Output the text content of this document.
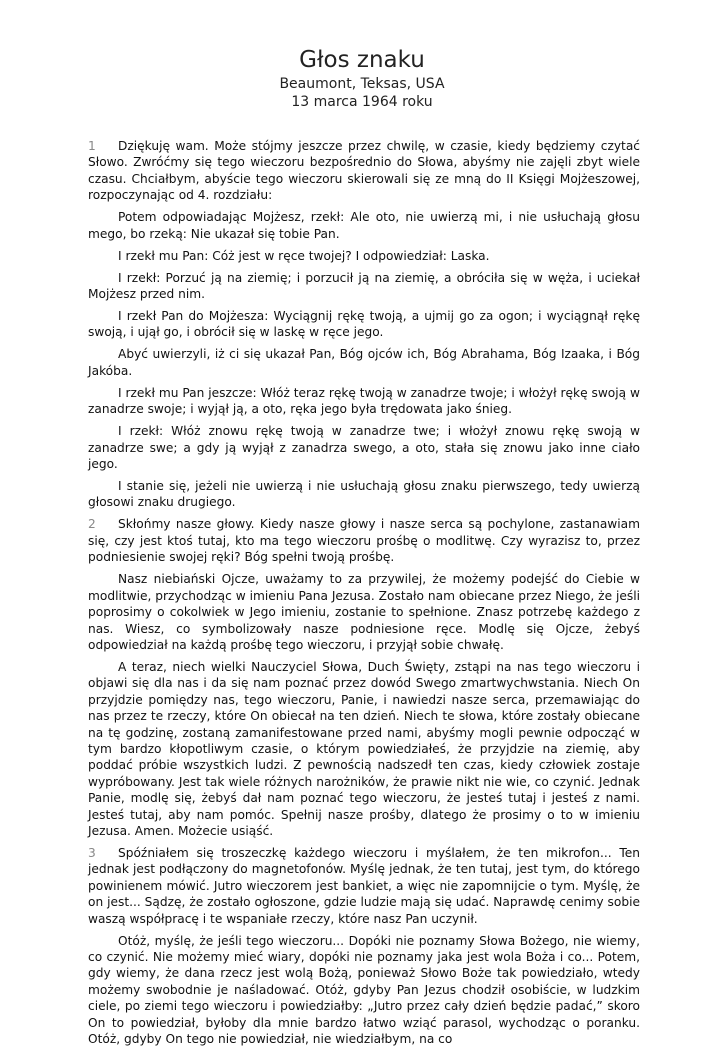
Głos znaku
Beaumont, Teksas, USA
13 marca 1964 roku

1 Dziękuję wam. Może stójmy jeszcze przez chwilę, w czasie, kiedy będziemy czytać Słowo. Zwróćmy się tego wieczoru bezpośrednio do Słowa, abyśmy nie zajęli zbyt wiele czasu. Chciałbym, abyście tego wieczoru skierowali się ze mną do II Księgi Mojżeszowej, rozpoczynając od 4. rozdziału:

Potem odpowiadając Mojżesz, rzekł: Ale oto, nie uwierzą mi, i nie usłuchają głosu mego, bo rzeką: Nie ukazał się tobie Pan.

I rzekł mu Pan: Cóż jest w ręce twojej? I odpowiedział: Laska.

I rzekł: Porzuć ją na ziemię; i porzucił ją na ziemię, a obróciła się w węża, i uciekał Mojżesz przed nim.

I rzekł Pan do Mojżesza: Wyciągnij rękę twoją, a ujmij go za ogon; i wyciągnął rękę swoją, i ujął go, i obrócił się w laskę w ręce jego.

Abyć uwierzyli, iż ci się ukazał Pan, Bóg ojców ich, Bóg Abrahama, Bóg Izaaka, i Bóg Jakóba.

I rzekł mu Pan jeszcze: Włóż teraz rękę twoją w zanadrze twoje; i włożył rękę swoją w zanadrze swoje; i wyjął ją, a oto, ręka jego była trędowata jako śnieg.

I rzekł: Włóż znowu rękę twoją w zanadrze twe; i włożył znowu rękę swoją w zanadrze swe; a gdy ją wyjął z zanadrza swego, a oto, stała się znowu jako inne ciało jego.

I stanie się, jeżeli nie uwierzą i nie usłuchają głosu znaku pierwszego, tedy uwierzą głosowi znaku drugiego.

2 Skłońmy nasze głowy. Kiedy nasze głowy i nasze serca są pochylone, zastanawiam się, czy jest ktoś tutaj, kto ma tego wieczoru prośbę o modlitwę. Czy wyrazisz to, przez podniesienie swojej ręki? Bóg spełni twoją prośbę.

Nasz niebiański Ojcze, uważamy to za przywilej, że możemy podejść do Ciebie w modlitwie, przychodząc w imieniu Pana Jezusa. Zostało nam obiecane przez Niego, że jeśli poprosimy o cokolwiek w Jego imieniu, zostanie to spełnione. Znasz potrzebę każdego z nas. Wiesz, co symbolizowały nasze podniesione ręce. Modlę się Ojcze, żebyś odpowiedział na każdą prośbę tego wieczoru, i przyjął sobie chwałę.

A teraz, niech wielki Nauczyciel Słowa, Duch Święty, zstąpi na nas tego wieczoru i objawi się dla nas i da się nam poznać przez dowód Swego zmartwychwstania. Niech On przyjdzie pomiędzy nas, tego wieczoru, Panie, i nawiedzi nasze serca, przemawiając do nas przez te rzeczy, które On obiecał na ten dzień. Niech te słowa, które zostały obiecane na tę godzinę, zostaną zamanifestowane przed nami, abyśmy mogli pewnie odpocząć w tym bardzo kłopotliwym czasie, o którym powiedziałeś, że przyjdzie na ziemię, aby poddać próbie wszystkich ludzi. Z pewnością nadszedł ten czas, kiedy człowiek zostaje wypróbowany. Jest tak wiele różnych narożników, że prawie nikt nie wie, co czynić. Jednak Panie, modlę się, żebyś dał nam poznać tego wieczoru, że jesteś tutaj i jesteś z nami. Jesteś tutaj, aby nam pomóc. Spełnij nasze prośby, dlatego że prosimy o to w imieniu Jezusa. Amen. Możecie usiąść.

3 Spóźniałem się troszeczkę każdego wieczoru i myślałem, że ten mikrofon... Ten jednak jest podłączony do magnetofonów. Myślę jednak, że ten tutaj, jest tym, do którego powinienem mówić. Jutro wieczorem jest bankiet, a więc nie zapomnijcie o tym. Myślę, że on jest... Sądzę, że zostało ogłoszone, gdzie ludzie mają się udać. Naprawdę cenimy sobie waszą współpracę i te wspaniałe rzeczy, które nasz Pan uczynił.

Otóż, myślę, że jeśli tego wieczoru... Dopóki nie poznamy Słowa Bożego, nie wiemy, co czynić. Nie możemy mieć wiary, dopóki nie poznamy jaka jest wola Boża i co... Potem, gdy wiemy, że dana rzecz jest wolą Bożą, ponieważ Słowo Boże tak powiedziało, wtedy możemy swobodnie je naśladować. Otóż, gdyby Pan Jezus chodził osobiście, w ludzkim ciele, po ziemi tego wieczoru i powiedziałby: „Jutro przez cały dzień będzie padać,” skoro On to powiedział, byłoby dla mnie bardzo łatwo wziąć parasol, wychodząc o poranku. Otóż, gdyby On tego nie powiedział, nie wiedziałbym, na co
